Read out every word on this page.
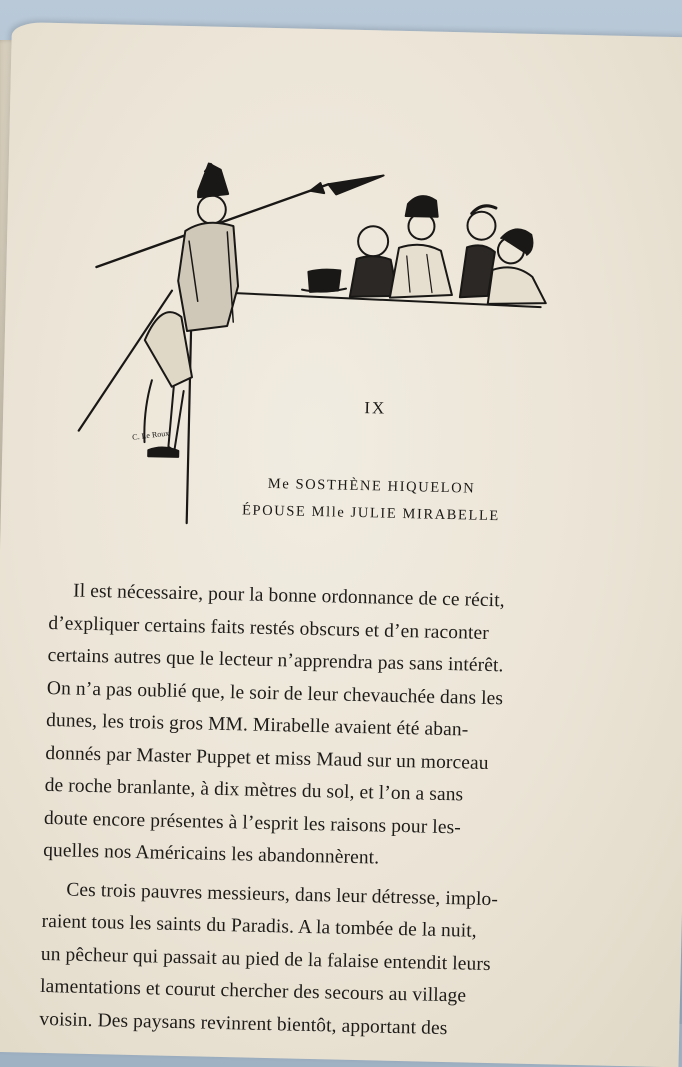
C. Le Roux
IX
Me SOSTHÈNE HIQUELON
ÉPOUSE Mlle JULIE MIRABELLE
Il est nécessaire, pour la bonne ordonnance de ce récit,
d’expliquer certains faits restés obscurs et d’en raconter
certains autres que le lecteur n’apprendra pas sans intérêt.
On n’a pas oublié que, le soir de leur chevauchée dans les
dunes, les trois gros MM. Mirabelle avaient été aban-
donnés par Master Puppet et miss Maud sur un morceau
de roche branlante, à dix mètres du sol, et l’on a sans
doute encore présentes à l’esprit les raisons pour les-
quelles nos Américains les abandonnèrent.
Ces trois pauvres messieurs, dans leur détresse, implo-
raient tous les saints du Paradis. A la tombée de la nuit,
un pêcheur qui passait au pied de la falaise entendit leurs
lamentations et courut chercher des secours au village
voisin. Des paysans revinrent bientôt, apportant des
